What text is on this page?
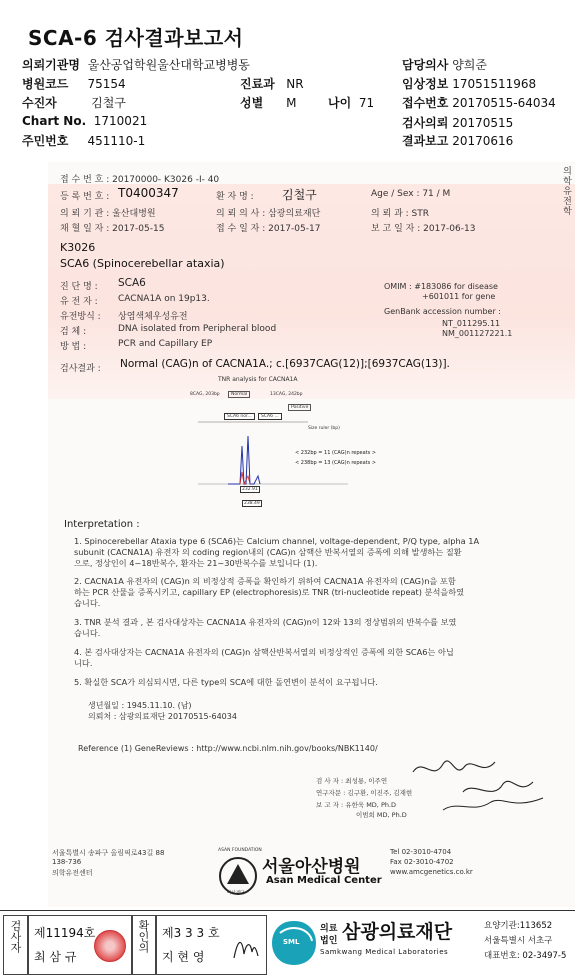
SCA-6 검사결과보고서
의뢰기관명 울산공업학원울산대학교병병동
병원코드 75154	진료과 NR
수진자	김철구	성별 M	나이 71
Chart No. 1710021
주민번호 451110-1
담당의사 양희준
임상정보 17051511968
접수번호 20170515-64034
검사의뢰 20170515
결과보고 20170616
접 수 번 호 : 20170000- K3026 -I- 40
등 록 번 호 : T0400347	환 자 명 : 김철구	Age / Sex : 71 / M
의 뢰 기 관 : 울산대병원	의 뢰 의 사 : 삼광의료재단	의 뢰 과 : STR
채 혈 일 자 : 2017-05-15	접 수 일 자 : 2017-05-17	보 고 일 자 : 2017-06-13
의학유전학
K3026
SCA6 (Spinocerebellar ataxia)
진 단 명 : SCA6
유 전 자 : CACNA1A on 19p13.
유전방식 : 상염색체우성유전
검 체 :	DNA isolated from Peripheral blood
방 법 :	PCR and Capillary EP
OMIM : #183086 for disease
+601011 for gene
GenBank accession number :
NT_011295.11
NM_001127221.1
검사결과 : Normal (CAG)n of CACNA1A.; c.[6937CAG(12)];[6937CAG(13)].
TNR analysis for CACNA1A
8CAG, 203bp	Normal	13CAG, 242bp
Positive
SCA6 nor...	SCA6 ...
Size ruler (bp)
< 232bp = 11 (CAG)n repeats >
< 238bp = 13 (CAG)n repeats >
232.91
238.49
Interpretation :
1. Spinocerebellar Ataxia type 6 (SCA6)는 Calcium channel, voltage-dependent, P/Q type, alpha 1A
subunit (CACNA1A) 유전자 의 coding region내의 (CAG)n 삼핵산 반복서열의 증폭에 의해 발생하는 질환
으로, 정상인이 4~18반복수, 환자는 21~30반복수를 보입니다 (1).
2. CACNA1A 유전자의 (CAG)n 의 비정상적 증폭을 확인하기 위하여 CACNA1A 유전자의 (CAG)n을 포함
하는 PCR 산물을 증폭시키고, capillary EP (electrophoresis)로 TNR (tri-nucleotide repeat) 분석을하였
습니다.
3. TNR 분석 결과 , 본 검사대상자는 CACNA1A 유전자의 (CAG)n이 12와 13의 정상범위의 반복수를 보였
습니다.
4. 본 검사대상자는 CACNA1A 유전자의 (CAG)n 삼핵산반복서열의 비정상적인 증폭에 의한 SCA6는 아닙
니다.
5. 확실한 SCA가 의심되시면, 다른 type의 SCA에 대한 돌연변이 분석이 요구됩니다.
생년월일 : 1945.11.10. (남)
의뢰처 : 삼광의료재단 20170515-64034
Reference (1) GeneReviews : http://www.ncbi.nlm.nih.gov/books/NBK1140/
검 사 자 : 최성룡, 이주연
연구자문 : 김구환, 이진주, 김재현
보 고 자 : 유한욱 MD, Ph.D
이범희 MD, Ph.D
서울특별시 송파구 올림픽로43길 88
138-736
의학유전센터
ASAN FOUNDATION
아산재단
서울아산병원
Asan Medical Center
Tel 02-3010-4704
Fax 02-3010-4702
www.amcgenetics.co.kr
검사자 제11194호
최 삼 규
확인의 제3 3 3 호
지 현 영
SML
의료
법인 삼광의료재단
Samkwang Medical Laboratories
요양기관:113652
서울특별시 서초구
대표번호: 02-3497-5
